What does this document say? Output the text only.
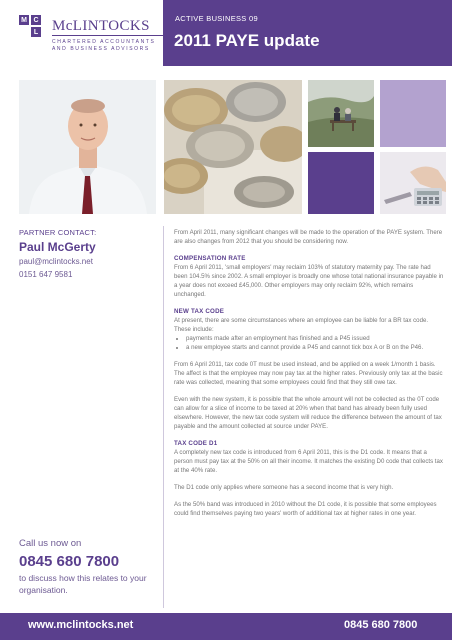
M C
L McLINTOCKS
CHARTERED ACCOUNTANTS
AND BUSINESS ADVISORS
ACTIVE BUSINESS 09
2011 PAYE update
PARTNER CONTACT:
Paul McGerty
paul@mclintocks.net
0151 647 9581
Call us now on
0845 680 7800
to discuss how this relates to your organisation.

From April 2011, many significant changes will be made to the operation of the PAYE system. There are also changes from 2012 that you should be considering now.

COMPENSATION RATE

From 6 April 2011, 'small employers' may reclaim 103% of statutory maternity pay. The rate had been 104.5% since 2002. A small employer is broadly one whose total national insurance payable in a year does not exceed £45,000. Other employers may only reclaim 92%, which remains unchanged.

NEW TAX CODE

At present, there are some circumstances where an employee can be liable for a BR tax code. These include:

• payments made after an employment has finished and a P45 issued
• a new employee starts and cannot provide a P45 and cannot tick box A or B on the P46.

From 6 April 2011, tax code 0T must be used instead, and be applied on a week 1/month 1 basis. The affect is that the employee may now pay tax at the higher rates. Previously only tax at the basic rate was collected, meaning that some employees could find that they still owe tax.

Even with the new system, it is possible that the whole amount will not be collected as the 0T code can allow for a slice of income to be taxed at 20% when that band has already been fully used elsewhere. However, the new tax code system will reduce the difference between the amount of tax payable and the amount collected at source under PAYE.

TAX CODE D1

A completely new tax code is introduced from 6 April 2011, this is the D1 code. It means that a person must pay tax at the 50% on all their income. It matches the existing D0 code that collects tax at the 40% rate.

The D1 code only applies where someone has a second income that is very high.

As the 50% band was introduced in 2010 without the D1 code, it is possible that some employees could find themselves paying two years' worth of additional tax at higher rates in one year.

www.mclintocks.net	0845 680 7800
